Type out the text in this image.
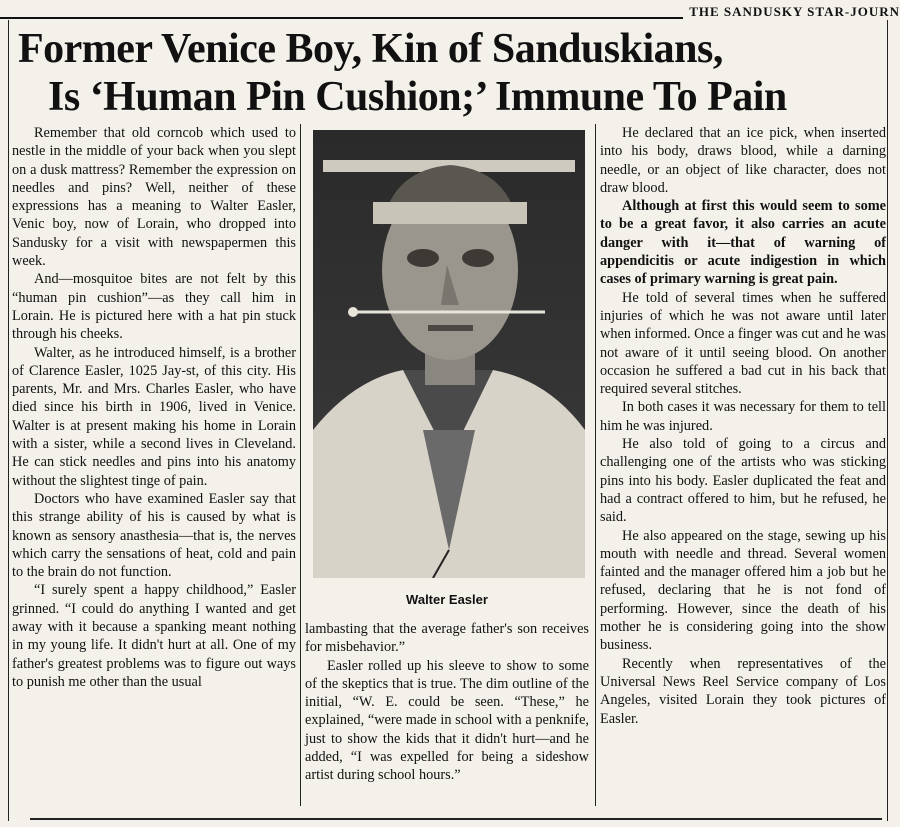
THE SANDUSKY STAR-JOURN
Former Venice Boy, Kin of Sanduskians,
Is ‘Human Pin Cushion;’ Immune To Pain

Remember that old corncob which used to nestle in the middle of your back when you slept on a dusk mattress? Remember the expression on needles and pins? Well, neither of these expressions has a meaning to Walter Easler, Venic boy, now of Lorain, who dropped into Sandusky for a visit with newspapermen this week.

And—mosquitoe bites are not felt by this “human pin cushion”—as they call him in Lorain. He is pictured here with a hat pin stuck through his cheeks.

Walter, as he introduced himself, is a brother of Clarence Easler, 1025 Jay-st, of this city. His parents, Mr. and Mrs. Charles Easler, who have died since his birth in 1906, lived in Venice. Walter is at present making his home in Lorain with a sister, while a second lives in Cleveland. He can stick needles and pins into his anatomy without the slightest tinge of pain.

Doctors who have examined Easler say that this strange ability of his is caused by what is known as sensory anasthesia—that is, the nerves which carry the sensations of heat, cold and pain to the brain do not function.

“I surely spent a happy childhood,” Easler grinned. “I could do anything I wanted and get away with it because a spanking meant nothing in my young life. It didn't hurt at all. One of my father's greatest problems was to figure out ways to punish me other than the usual

Walter Easler

lambasting that the average father's son receives for misbehavior.”

Easler rolled up his sleeve to show to some of the skeptics that is true. The dim outline of the initial, “W. E. could be seen. “These,” he explained, “were made in school with a penknife, just to show the kids that it didn't hurt—and he added, “I was expelled for being a sideshow artist during school hours.”

He declared that an ice pick, when inserted into his body, draws blood, while a darning needle, or an object of like character, does not draw blood.

Although at first this would seem to some to be a great favor, it also carries an acute danger with it—that of warning of appendicitis or acute indigestion in which cases of primary warning is great pain.

He told of several times when he suffered injuries of which he was not aware until later when informed. Once a finger was cut and he was not aware of it until seeing blood. On another occasion he suffered a bad cut in his back that required several stitches.

In both cases it was necessary for them to tell him he was injured.

He also told of going to a circus and challenging one of the artists who was sticking pins into his body. Easler duplicated the feat and had a contract offered to him, but he refused, he said.

He also appeared on the stage, sewing up his mouth with needle and thread. Several women fainted and the manager offered him a job but he refused, declaring that he is not fond of performing. However, since the death of his mother he is considering going into the show business.

Recently when representatives of the Universal News Reel Service company of Los Angeles, visited Lorain they took pictures of Easler.
